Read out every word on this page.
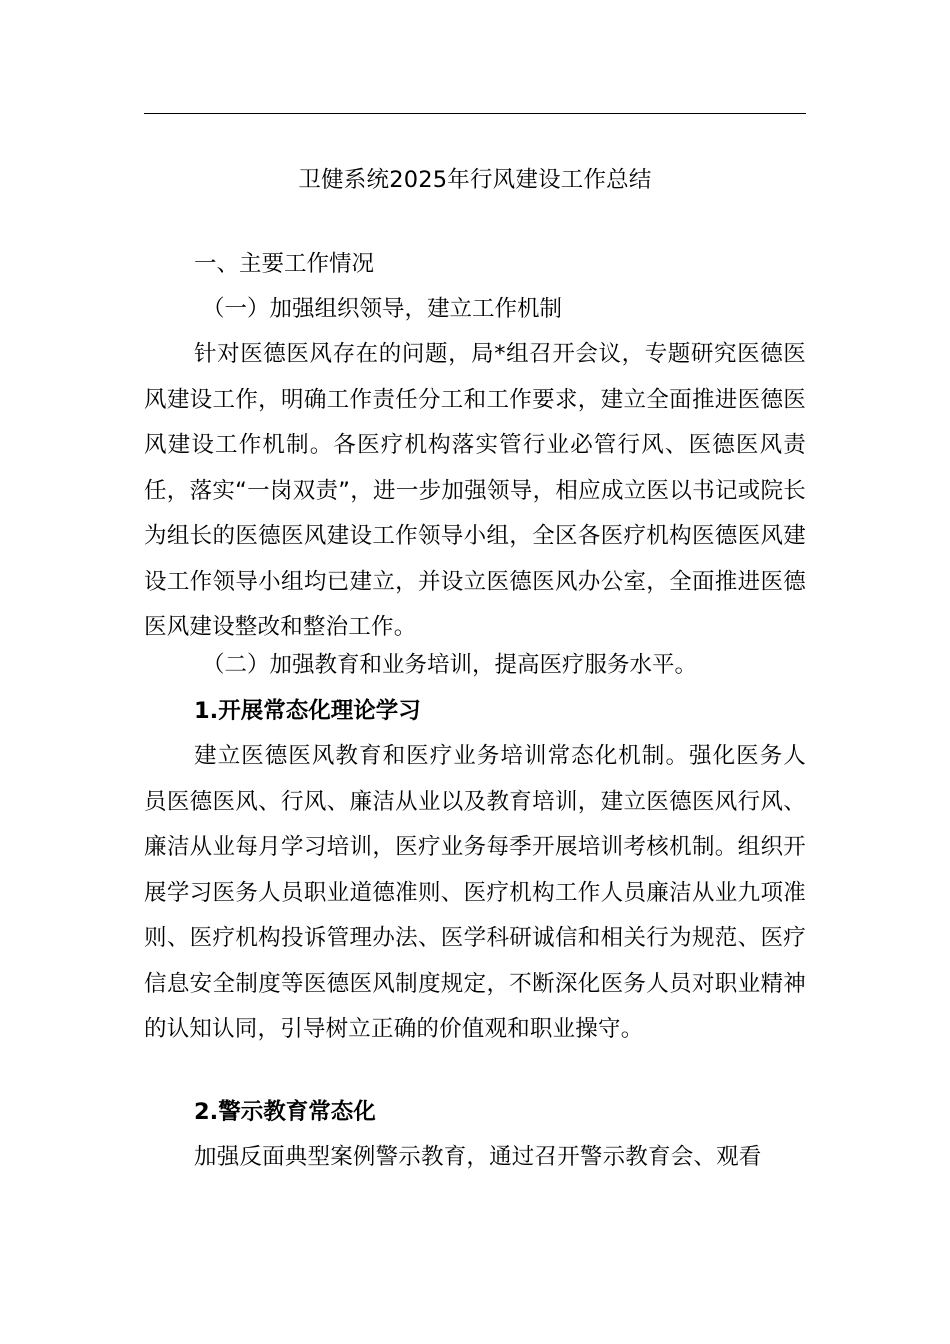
卫健系统2025年行风建设工作总结
一、主要工作情况
（一）加强组织领导，建立工作机制

针对医德医风存在的问题，局*组召开会议，专题研究医德医风建设工作，明确工作责任分工和工作要求，建立全面推进医德医风建设工作机制。各医疗机构落实管行业必管行风、医德医风责任，落实“一岗双责”，进一步加强领导，相应成立医以书记或院长为组长的医德医风建设工作领导小组，全区各医疗机构医德医风建设工作领导小组均已建立，并设立医德医风办公室，全面推进医德医风建设整改和整治工作。

（二）加强教育和业务培训，提高医疗服务水平。
1.开展常态化理论学习

建立医德医风教育和医疗业务培训常态化机制。强化医务人员医德医风、行风、廉洁从业以及教育培训，建立医德医风行风、廉洁从业每月学习培训，医疗业务每季开展培训考核机制。组织开展学习医务人员职业道德准则、医疗机构工作人员廉洁从业九项准则、医疗机构投诉管理办法、医学科研诚信和相关行为规范、医疗信息安全制度等医德医风制度规定，不断深化医务人员对职业精神的认知认同，引导树立正确的价值观和职业操守。

2.警示教育常态化

加强反面典型案例警示教育，通过召开警示教育会、观看
